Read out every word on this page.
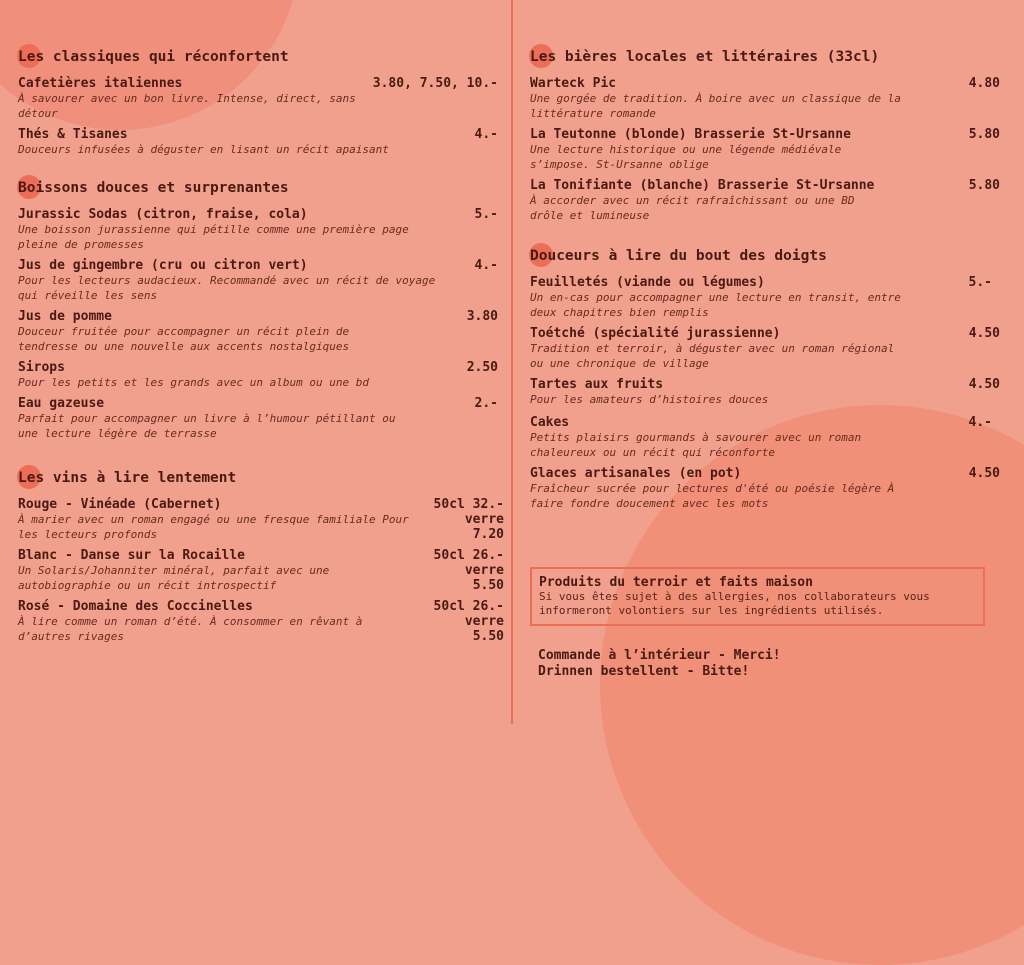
Les classiques qui réconfortent
Cafetières italiennes	3.80, 7.50, 10.-
À savourer avec un bon livre. Intense, direct, sans détour
Thés & Tisanes	4.-
Douceurs infusées à déguster en lisant un récit apaisant
Boissons douces et surprenantes
Jurassic Sodas (citron, fraise, cola)	5.-
Une boisson jurassienne qui pétille comme une première page pleine de promesses
Jus de gingembre (cru ou citron vert)	4.-
Pour les lecteurs audacieux. Recommandé avec un récit de voyage qui réveille les sens
Jus de pomme	3.80
Douceur fruitée pour accompagner un récit plein de tendresse ou une nouvelle aux accents nostalgiques
Sirops	2.50
Pour les petits et les grands avec un album ou une bd
Eau gazeuse	2.-
Parfait pour accompagner un livre à l’humour pétillant ou une lecture légère de terrasse
Les vins à lire lentement
Rouge - Vinéade (Cabernet)
À marier avec un roman engagé ou une fresque familiale Pour les lecteurs profonds
50cl 32.-
verre 7.20
Blanc - Danse sur la Rocaille
Un Solaris/Johanniter minéral, parfait avec une autobiographie ou un récit introspectif
50cl 26.-
verre 5.50
Rosé - Domaine des Coccinelles
À lire comme un roman d’été. À consommer en rêvant à d’autres rivages
50cl 26.-
verre 5.50
Les bières locales et littéraires (33cl)
Warteck Pic	4.80
Une gorgée de tradition. À boire avec un classique de la littérature romande
La Teutonne (blonde) Brasserie St-Ursanne	5.80
Une lecture historique ou une légende médiévale s’impose. St-Ursanne oblige
La Tonifiante (blanche) Brasserie St-Ursanne	5.80
À accorder avec un récit rafraîchissant ou une BD drôle et lumineuse
Douceurs à lire du bout des doigts
Feuilletés (viande ou légumes)	5.-
Un en-cas pour accompagner une lecture en transit, entre deux chapitres bien remplis
Toétché (spécialité jurassienne)	4.50
Tradition et terroir, à déguster avec un roman régional ou une chronique de village
Tartes aux fruits	4.50
Pour les amateurs d’histoires douces
Cakes	4.-
Petits plaisirs gourmands à savourer avec un roman chaleureux ou un récit qui réconforte
Glaces artisanales (en pot)	4.50
Fraîcheur sucrée pour lectures d'été ou poésie légère À faire fondre doucement avec les mots
Produits du terroir et faits maison
Si vous êtes sujet à des allergies, nos collaborateurs vous informeront volontiers sur les ingrédients utilisés.
Commande à l’intérieur - Merci!
Drinnen bestellent - Bitte!
